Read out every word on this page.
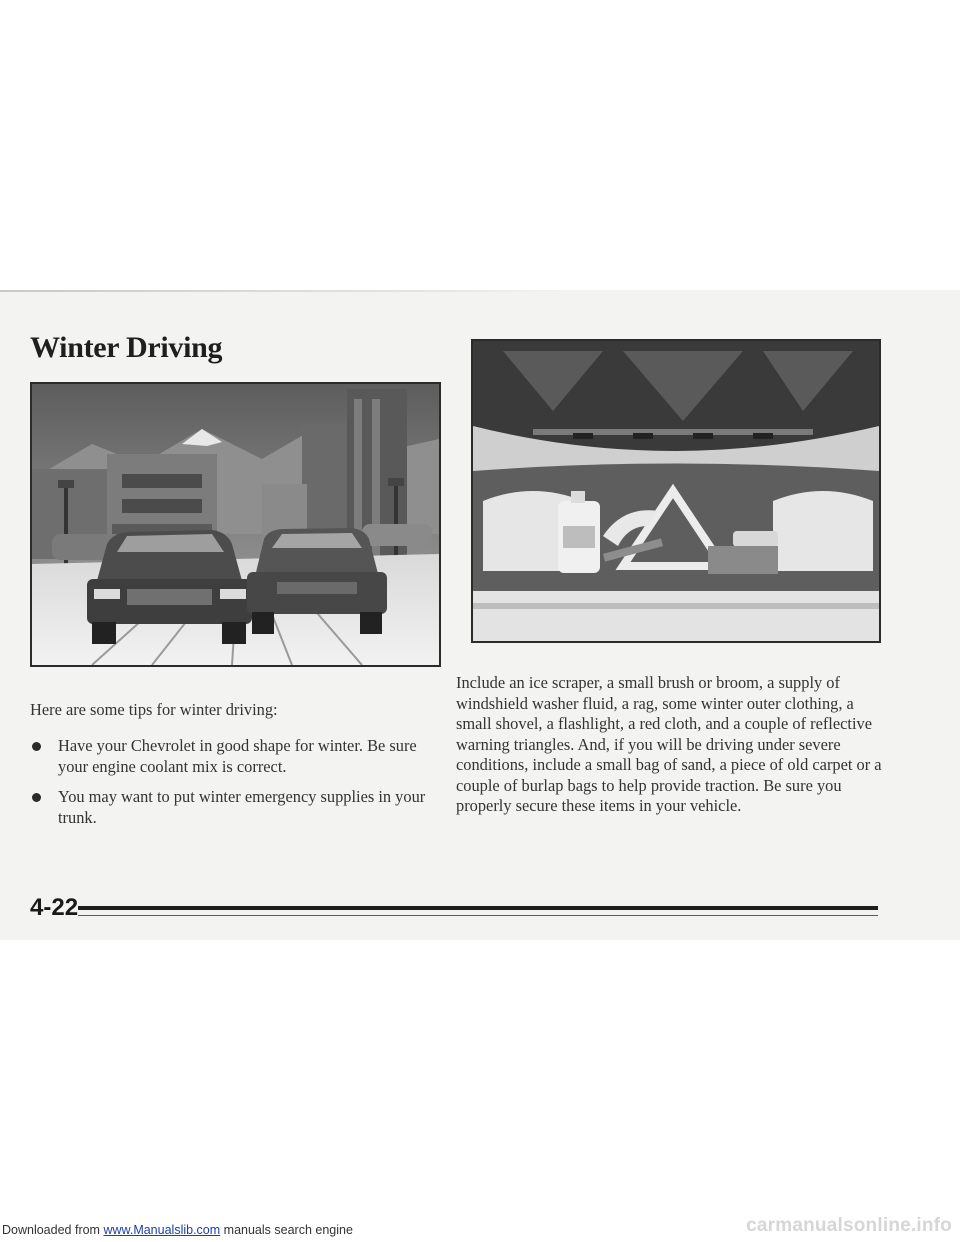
Winter Driving

Here are some tips for winter driving:

Have your Chevrolet in good shape for winter. Be sure your engine coolant mix is correct.
You may want to put winter emergency supplies in your trunk.

Include an ice scraper, a small brush or broom, a supply of windshield washer fluid, a rag, some winter outer clothing, a small shovel, a flashlight, a red cloth, and a couple of reflective warning triangles. And, if you will be driving under severe conditions, include a small bag of sand, a piece of old carpet or a couple of burlap bags to help provide traction. Be sure you properly secure these items in your vehicle.

4-22

Downloaded from www.Manualslib.com manuals search engine	carmanualsonline.info
